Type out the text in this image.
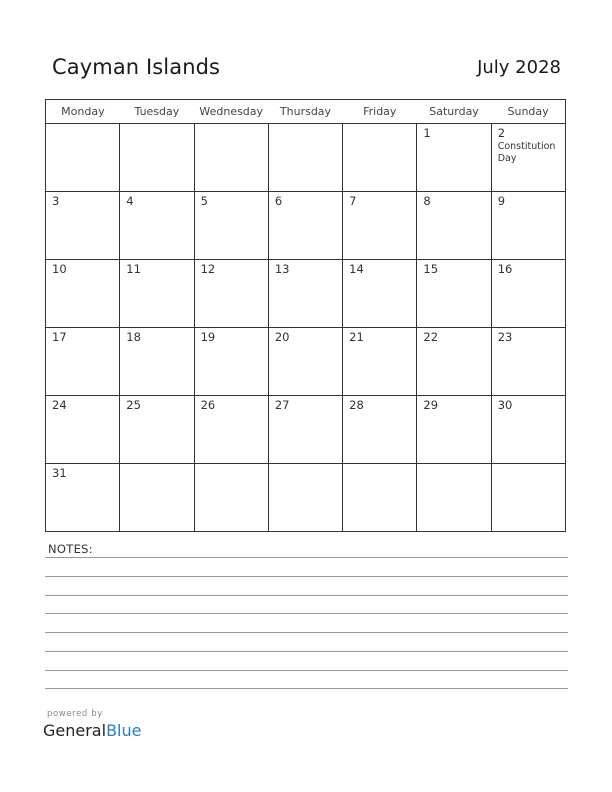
Cayman Islands	July 2028
Monday	Tuesday	Wednesday	Thursday	Friday	Saturday	Sunday

					1	2
Constitution Day

3	4	5	6	7	8	9

10	11	12	13	14	15	16

17	18	19	20	21	22	23

24	25	26	27	28	29	30

31						

NOTES:
powered by
GeneralBlue
